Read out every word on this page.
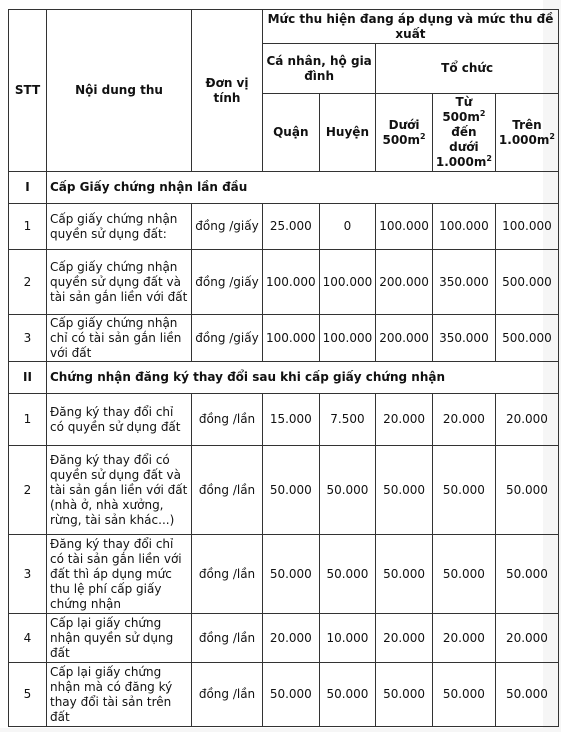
STT	Nội dung thu	Đơn vị tính	Mức thu hiện đang áp dụng và mức thu đề xuất				
			Cá nhân, hộ gia đình		Tổ chức		
			Quận	Huyện	Dưới $500m^2$	Từ $500m^2$ đến dưới $1.000m^2$	Trên $1.000m^2$
I	Cấp Giấy chứng nhận lần đầu						
1	Cấp giấy chứng nhận quyền sử dụng đất:	đồng /giấy	25.000	0	100.000	100.000	100.000
2	Cấp giấy chứng nhận quyền sử dụng đất và tài sản gắn liền với đất	đồng /giấy	100.000	100.000	200.000	350.000	500.000
3	Cấp giấy chứng nhận chỉ có tài sản gắn liền với đất	đồng /giấy	100.000	100.000	200.000	350.000	500.000
II	Chứng nhận đăng ký thay đổi sau khi cấp giấy chứng nhận						
1	Đăng ký thay đổi chỉ có quyền sử dụng đất	đồng /lần	15.000	7.500	20.000	20.000	20.000
2	Đăng ký thay đổi có quyền sử dụng đất và tài sản gắn liền với đất (nhà ở, nhà xưởng, rừng, tài sản khác...)	đồng /lần	50.000	50.000	50.000	50.000	50.000
3	Đăng ký thay đổi chỉ có tài sản gắn liền với đất thì áp dụng mức thu lệ phí cấp giấy chứng nhận	đồng /lần	50.000	50.000	50.000	50.000	50.000
4	Cấp lại giấy chứng nhận quyền sử dụng đất	đồng /lần	20.000	10.000	20.000	20.000	20.000
5	Cấp lại giấy chứng nhận mà có đăng ký thay đổi tài sản trên đất	đồng /lần	50.000	50.000	50.000	50.000	50.000
